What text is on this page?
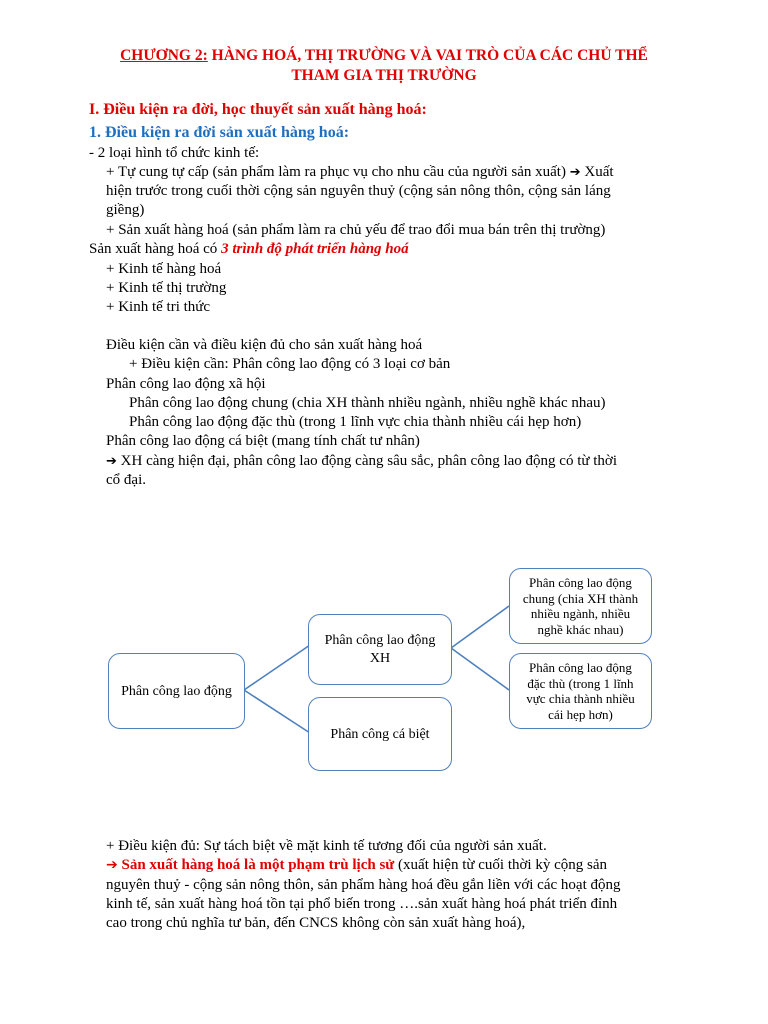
CHƯƠNG 2: HÀNG HOÁ, THỊ TRƯỜNG VÀ VAI TRÒ CỦA CÁC CHỦ THỂ
THAM GIA THỊ TRƯỜNG
I. Điều kiện ra đời, học thuyết sản xuất hàng hoá:
1. Điều kiện ra đời sản xuất hàng hoá:
- 2 loại hình tổ chức kinh tế:
+ Tự cung tự cấp (sản phẩm làm ra phục vụ cho nhu cầu của người sản xuất) ➔ Xuất
hiện trước trong cuối thời cộng sản nguyên thuỷ (cộng sản nông thôn, cộng sản láng
giềng)
+ Sản xuất hàng hoá (sản phẩm làm ra chủ yếu để trao đổi mua bán trên thị trường)
Sản xuất hàng hoá có 3 trình độ phát triển hàng hoá
+ Kinh tế hàng hoá
+ Kinh tế thị trường
+ Kinh tế tri thức
Điều kiện cần và điều kiện đủ cho sản xuất hàng hoá
+ Điều kiện cần: Phân công lao động có 3 loại cơ bản
Phân công lao động xã hội
Phân công lao động chung (chia XH thành nhiều ngành, nhiều nghề khác nhau)
Phân công lao động đặc thù (trong 1 lĩnh vực chia thành nhiều cái hẹp hơn)
Phân công lao động cá biệt (mang tính chất tư nhân)
➔ XH càng hiện đại, phân công lao động càng sâu sắc, phân công lao động có từ thời
cổ đại.
Phân công lao động
Phân công lao động
XH
Phân công cá biệt
Phân công lao động
chung (chia XH thành
nhiều ngành, nhiều
nghề khác nhau)
Phân công lao động
đặc thù (trong 1 lĩnh
vực chia thành nhiều
cái hẹp hơn)
+ Điều kiện đủ: Sự tách biệt về mặt kinh tế tương đối của người sản xuất.
➔ Sản xuất hàng hoá là một phạm trù lịch sử (xuất hiện từ cuối thời kỳ cộng sản
nguyên thuỷ - cộng sản nông thôn, sản phẩm hàng hoá đều gắn liền với các hoạt động
kinh tế, sản xuất hàng hoá tồn tại phổ biến trong ….sản xuất hàng hoá phát triển đỉnh
cao trong chủ nghĩa tư bản, đến CNCS không còn sản xuất hàng hoá),
